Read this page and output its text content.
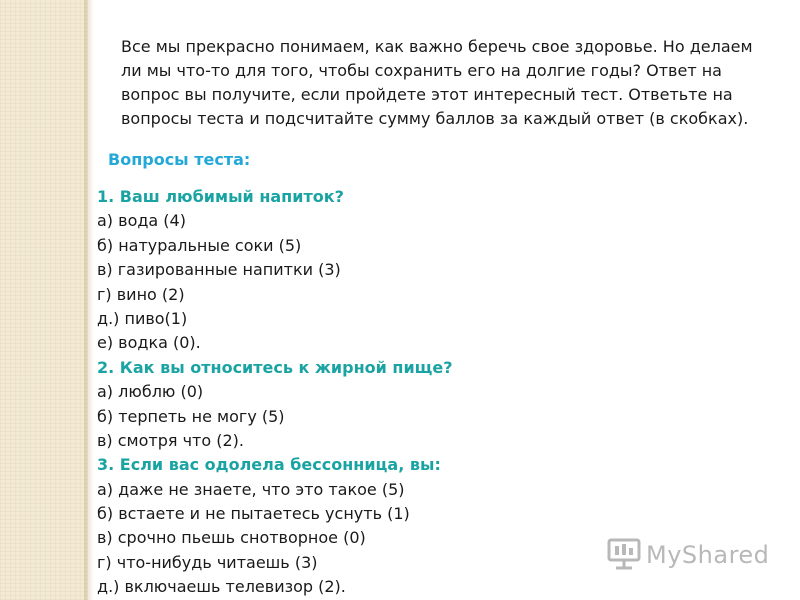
Все мы прекрасно понимаем, как важно беречь свое здоровье. Но делаем ли мы что-то для того, чтобы сохранить его на долгие годы? Ответ на вопрос вы получите, если пройдете этот интересный тест. Ответьте на вопросы теста и подсчитайте сумму баллов за каждый ответ (в скобках).

Вопросы теста:

1. Ваш любимый напиток?
а) вода (4)
б) натуральные соки (5)
в) газированные напитки (3)
г) вино (2)
д.) пиво(1)
е) водка (0).
2. Как вы относитесь к жирной пище?
а) люблю (0)
б) терпеть не могу (5)
в) смотря что (2).
3. Если вас одолела бессонница, вы:
а) даже не знаете, что это такое (5)
б) встаете и не пытаетесь уснуть (1)
в) срочно пьешь снотворное (0)
г) что-нибудь читаешь (3)
д.) включаешь телевизор (2).
MyShared
